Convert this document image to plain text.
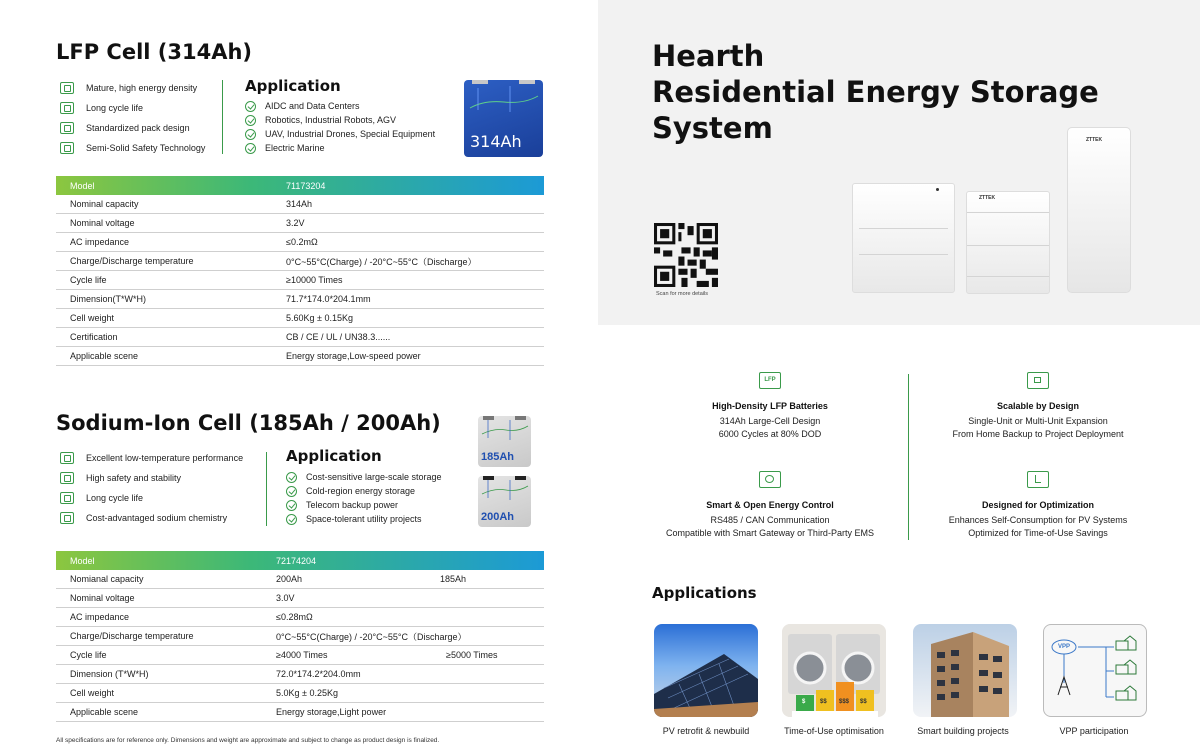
LFP Cell (314Ah)
Mature, high energy density
Long cycle life
Standardized pack design
Semi-Solid Safety Technology
Application
AIDC and Data Centers
Robotics, Industrial Robots, AGV
UAV, Industrial Drones, Special Equipment
Electric Marine	314Ah
Model	71173204
Nominal capacity	314Ah
Nominal voltage	3.2V
AC impedance	≤0.2mΩ
Charge/Discharge temperature	0°C~55°C(Charge) / -20°C~55°C（Discharge）
Cycle life	≥10000 Times
Dimension(T*W*H)	71.7*174.0*204.1mm
Cell weight	5.60Kg ± 0.15Kg
Certification	CB / CE / UL / UN38.3......
Applicable scene	Energy storage,Low-speed power
Sodium-Ion Cell (185Ah / 200Ah)
Excellent low-temperature performance
High safety and stability
Long cycle life
Cost-advantaged sodium chemistry
Application
Cost-sensitive large-scale storage
Cold-region energy storage
Telecom backup power
Space-tolerant utility projects
185Ah
200Ah
Model	72174204
Nomianal capacity	200Ah	185Ah
Nominal voltage	3.0V
AC impedance	≤0.28mΩ
Charge/Discharge temperature	0°C~55°C(Charge) / -20°C~55°C（Discharge）
Cycle life	≥4000 Times	≥5000 Times
Dimension (T*W*H)	72.0*174.2*204.0mm
Cell weight	5.0Kg ± 0.25Kg
Applicable scene	Energy storage,Light power
All specifications are for reference only. Dimensions and weight are approximate and subject to change as product design is finalized.
Hearth
Residential Energy Storage System
Scan for more details
ZTTEK
ZTTEK
LFP
High-Density LFP Batteries
314Ah Large-Cell Design
6000 Cycles at 80% DOD
Scalable by Design
Single-Unit or Multi-Unit Expansion
From Home Backup to Project Deployment
Smart & Open Energy Control
RS485 / CAN Communication
Compatible with Smart Gateway or Third-Party EMS
Designed for Optimization
Enhances Self-Consumption for PV Systems
Optimized for Time-of-Use Savings
Applications
$ $$ $$$ $$
VPP
PV retrofit & newbuild	Time-of-Use optimisation	Smart building projects	VPP participation
